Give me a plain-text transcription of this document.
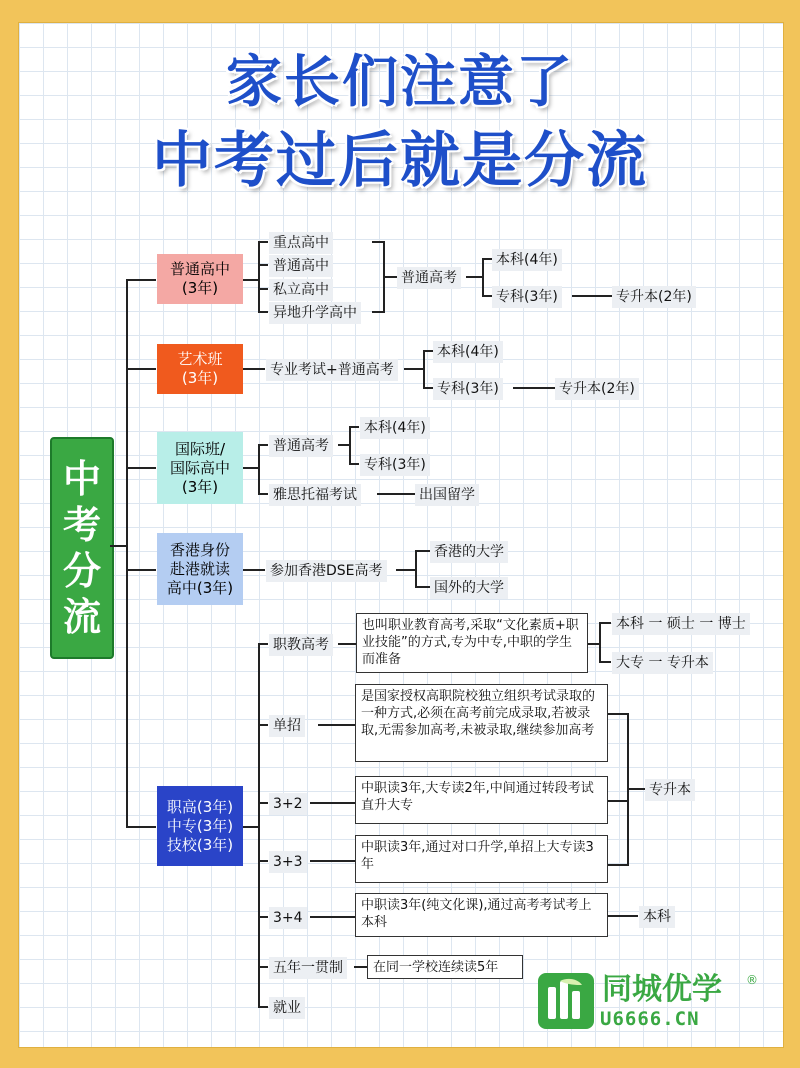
家长们注意了
中考过后就是分流
中
考
分
流
普通高中
(3年)
重点高中
普通高中
私立高中
异地升学高中
普通高考
本科(4年)
专科(3年)	专升本(2年)
艺术班
(3年)	专业考试+普通高考
本科(4年)
专科(3年)	专升本(2年)
国际班/
国际高中
(3年)
普通高考
本科(4年)
专科(3年)
雅思托福考试	出国留学
香港身份
赴港就读
高中(3年)
参加香港DSE高考
香港的大学
国外的大学
职高(3年)
中专(3年)
技校(3年)
职教高考
也叫职业教育高考,采取“文化素质+职业技能”的方式,专为中专,中职的学生而准备
本科 一 硕士 一 博士
大专 一 专升本
单招
是国家授权高职院校独立组织考试录取的一种方式,必须在高考前完成录取,若被录取,无需参加高考,未被录取,继续参加高考
3+2
中职读3年,大专读2年,中间通过转段考试直升大专
3+3
中职读3年,通过对口升学,单招上大专读3年
专升本
3+4
中职读3年(纯文化课),通过高考考试考上本科	本科
五年一贯制	在同一学校连续读5年
就业
同城优学 ®
U6666.CN
